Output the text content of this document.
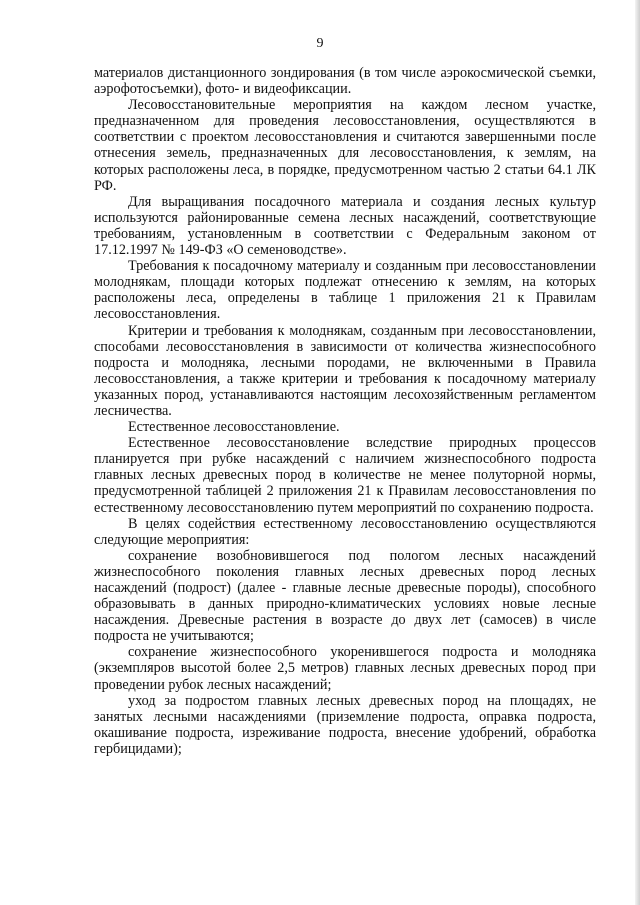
9

материалов дистанционного зондирования (в том числе аэрокосмической съемки, аэрофотосъемки), фото- и видеофиксации.

Лесовосстановительные мероприятия на каждом лесном участке, предназначенном для проведения лесовосстановления, осуществляются в соответствии с проектом лесовосстановления и считаются завершенными после отнесения земель, предназначенных для лесовосстановления, к землям, на которых расположены леса, в порядке, предусмотренном частью 2 статьи 64.1 ЛК РФ.

Для выращивания посадочного материала и создания лесных культур используются районированные семена лесных насаждений, соответствующие требованиям, установленным в соответствии с Федеральным законом от 17.12.1997 № 149-ФЗ «О семеноводстве».

Требования к посадочному материалу и созданным при лесовосстановлении молоднякам, площади которых подлежат отнесению к землям, на которых расположены леса, определены в таблице 1 приложения 21 к Правилам лесовосстановления.

Критерии и требования к молоднякам, созданным при лесовосстановлении, способами лесовосстановления в зависимости от количества жизнеспособного подроста и молодняка, лесными породами, не включенными в Правила лесовосстановления, а также критерии и требования к посадочному материалу указанных пород, устанавливаются настоящим лесохозяйственным регламентом лесничества.

Естественное лесовосстановление.

Естественное лесовосстановление вследствие природных процессов планируется при рубке насаждений с наличием жизнеспособного подроста главных лесных древесных пород в количестве не менее полуторной нормы, предусмотренной таблицей 2 приложения 21 к Правилам лесовосстановления по естественному лесовосстановлению путем мероприятий по сохранению подроста.

В целях содействия естественному лесовосстановлению осуществляются следующие мероприятия:

сохранение возобновившегося под пологом лесных насаждений жизнеспособного поколения главных лесных древесных пород лесных насаждений (подрост) (далее - главные лесные древесные породы), способного образовывать в данных природно-климатических условиях новые лесные насаждения. Древесные растения в возрасте до двух лет (самосев) в числе подроста не учитываются;

сохранение жизнеспособного укоренившегося подроста и молодняка (экземпляров высотой более 2,5 метров) главных лесных древесных пород при проведении рубок лесных насаждений;

уход за подростом главных лесных древесных пород на площадях, не занятых лесными насаждениями (приземление подроста, оправка подроста, окашивание подроста, изреживание подроста, внесение удобрений, обработка гербицидами);
